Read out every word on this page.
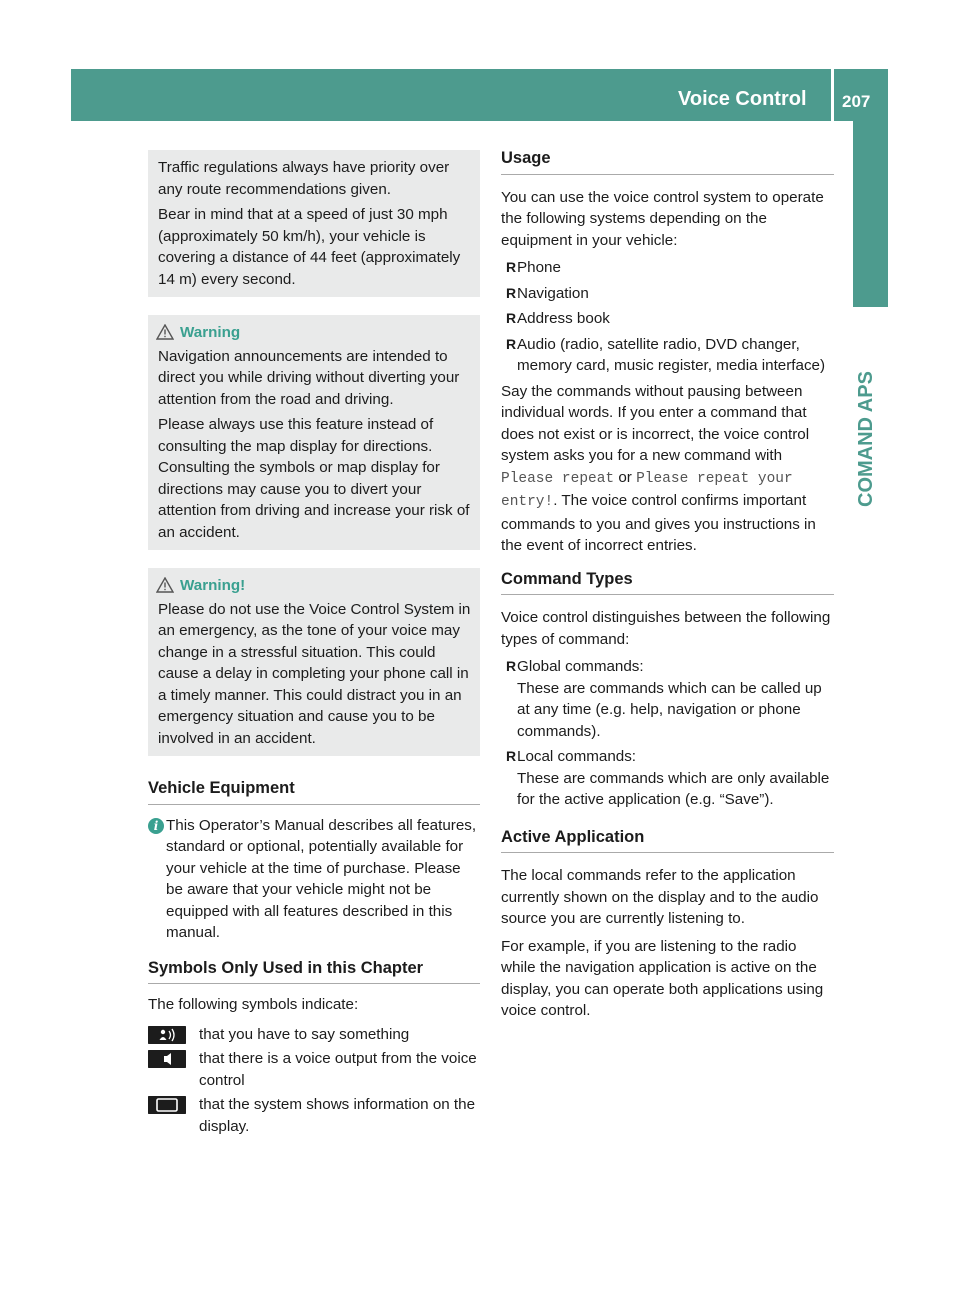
Voice Control 207
COMAND APS

Traffic regulations always have priority over any route recommendations given.

Bear in mind that at a speed of just 30 mph (approximately 50 km/h), your vehicle is covering a distance of 44 feet (approximately 14 m) every second.

Warning

Navigation announcements are intended to direct you while driving without diverting your attention from the road and driving.

Please always use this feature instead of consulting the map display for directions. Consulting the symbols or map display for directions may cause you to divert your attention from driving and increase your risk of an accident.

Warning!

Please do not use the Voice Control System in an emergency, as the tone of your voice may change in a stressful situation. This could cause a delay in completing your phone call in a timely manner. This could distract you in an emergency situation and cause you to be involved in an accident.

Vehicle Equipment
i This Operator’s Manual describes all features, standard or optional, potentially available for your vehicle at the time of purchase. Please be aware that your vehicle might not be equipped with all features described in this manual.
Symbols Only Used in this Chapter

The following symbols indicate:

that you have to say something
that there is a voice output from the voice control
that the system shows information on the display.
Usage

You can use the voice control system to operate the following systems depending on the equipment in your vehicle:

R Phone
R Navigation
R Address book
R Audio (radio, satellite radio, DVD changer, memory card, music register, media interface)

Say the commands without pausing between individual words. If you enter a command that does not exist or is incorrect, the voice control system asks you for a new command with Please repeat or Please repeat your entry!. The voice control confirms important commands to you and gives you instructions in the event of incorrect entries.

Command Types

Voice control distinguishes between the following types of command:

R Global commands:
These are commands which can be called up at any time (e.g. help, navigation or phone commands).
R Local commands:
These are commands which are only available for the active application (e.g. “Save”).
Active Application

The local commands refer to the application currently shown on the display and to the audio source you are currently listening to.

For example, if you are listening to the radio while the navigation application is active on the display, you can operate both applications using voice control.
